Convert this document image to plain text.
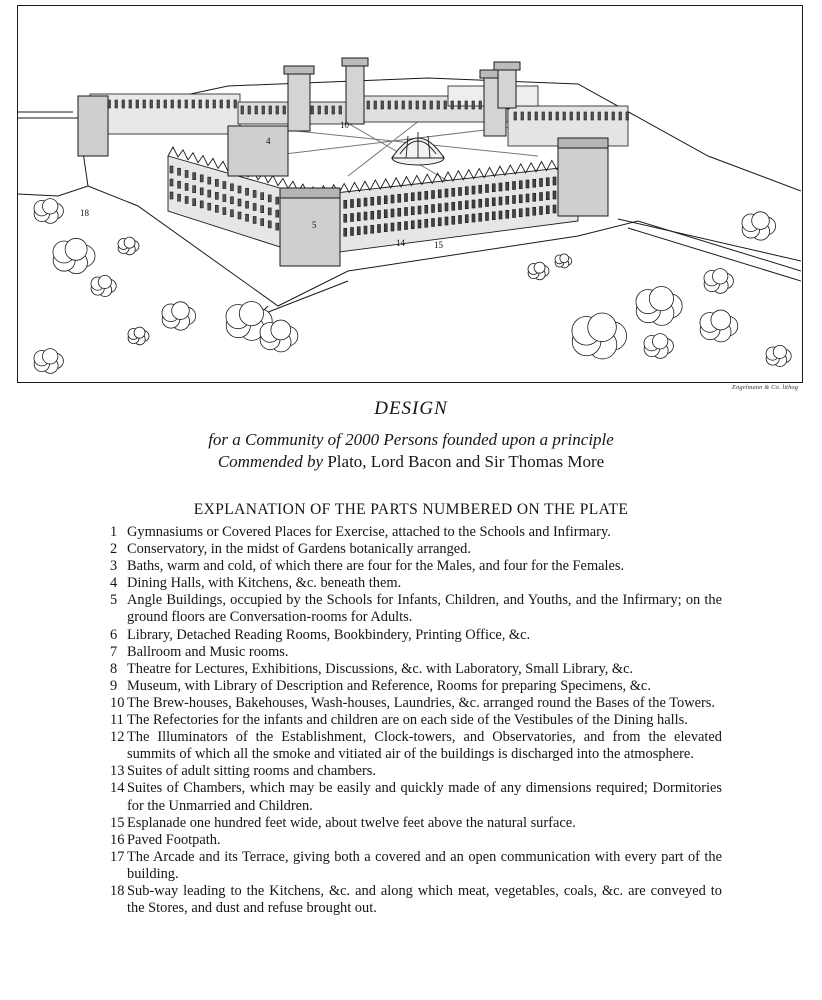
4
10
5
14	15
18
Engelmann & Co. lithog
DESIGN
for a Community of 2000 Persons founded upon a principle
Commended by Plato, Lord Bacon and Sir Thomas More
EXPLANATION OF THE PARTS NUMBERED ON THE PLATE
1 Gymnasiums or Covered Places for Exercise, attached to the Schools and Infirmary.
2 Conservatory, in the midst of Gardens botanically arranged.
3 Baths, warm and cold, of which there are four for the Males, and four for the Females.
4 Dining Halls, with Kitchens, &c. beneath them.
5 Angle Buildings, occupied by the Schools for Infants, Children, and Youths, and the Infirmary; on the ground floors are Conversation-rooms for Adults.
6 Library, Detached Reading Rooms, Bookbindery, Printing Office, &c.
7 Ballroom and Music rooms.
8 Theatre for Lectures, Exhibitions, Discussions, &c. with Laboratory, Small Library, &c.
9 Museum, with Library of Description and Reference, Rooms for preparing Specimens, &c.
10 The Brew-houses, Bakehouses, Wash-houses, Laundries, &c. arranged round the Bases of the Towers.
11 The Refectories for the infants and children are on each side of the Vestibules of the Dining halls.
12 The Illuminators of the Establishment, Clock-towers, and Observatories, and from the elevated summits of which all the smoke and vitiated air of the buildings is discharged into the atmosphere.
13 Suites of adult sitting rooms and chambers.
14 Suites of Chambers, which may be easily and quickly made of any dimensions required; Dormitories for the Unmarried and Children.
15 Esplanade one hundred feet wide, about twelve feet above the natural surface.
16 Paved Footpath.
17 The Arcade and its Terrace, giving both a covered and an open communication with every part of the building.
18 Sub-way leading to the Kitchens, &c. and along which meat, vegetables, coals, &c. are conveyed to the Stores, and dust and refuse brought out.
